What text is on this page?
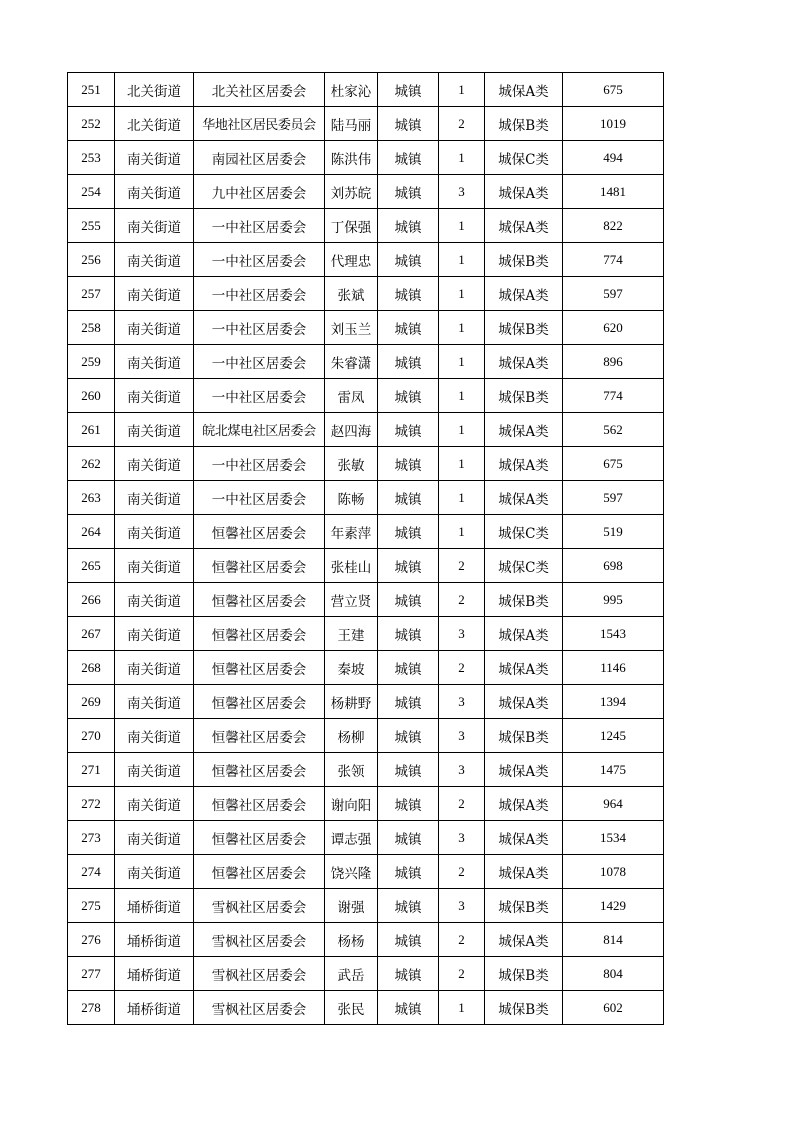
251	北关街道	北关社区居委会	杜家沁	城镇	1	城保A类	675
252	北关街道	华地社区居民委员会	陆马丽	城镇	2	城保B类	1019
253	南关街道	南园社区居委会	陈洪伟	城镇	1	城保C类	494
254	南关街道	九中社区居委会	刘苏皖	城镇	3	城保A类	1481
255	南关街道	一中社区居委会	丁保强	城镇	1	城保A类	822
256	南关街道	一中社区居委会	代理忠	城镇	1	城保B类	774
257	南关街道	一中社区居委会	张斌	城镇	1	城保A类	597
258	南关街道	一中社区居委会	刘玉兰	城镇	1	城保B类	620
259	南关街道	一中社区居委会	朱睿潇	城镇	1	城保A类	896
260	南关街道	一中社区居委会	雷凤	城镇	1	城保B类	774
261	南关街道	皖北煤电社区居委会	赵四海	城镇	1	城保A类	562
262	南关街道	一中社区居委会	张敏	城镇	1	城保A类	675
263	南关街道	一中社区居委会	陈畅	城镇	1	城保A类	597
264	南关街道	恒馨社区居委会	年素萍	城镇	1	城保C类	519
265	南关街道	恒馨社区居委会	张桂山	城镇	2	城保C类	698
266	南关街道	恒馨社区居委会	营立贤	城镇	2	城保B类	995
267	南关街道	恒馨社区居委会	王建	城镇	3	城保A类	1543
268	南关街道	恒馨社区居委会	秦坡	城镇	2	城保A类	1146
269	南关街道	恒馨社区居委会	杨耕野	城镇	3	城保A类	1394
270	南关街道	恒馨社区居委会	杨柳	城镇	3	城保B类	1245
271	南关街道	恒馨社区居委会	张领	城镇	3	城保A类	1475
272	南关街道	恒馨社区居委会	谢向阳	城镇	2	城保A类	964
273	南关街道	恒馨社区居委会	谭志强	城镇	3	城保A类	1534
274	南关街道	恒馨社区居委会	饶兴隆	城镇	2	城保A类	1078
275	埇桥街道	雪枫社区居委会	谢强	城镇	3	城保B类	1429
276	埇桥街道	雪枫社区居委会	杨杨	城镇	2	城保A类	814
277	埇桥街道	雪枫社区居委会	武岳	城镇	2	城保B类	804
278	埇桥街道	雪枫社区居委会	张民	城镇	1	城保B类	602
